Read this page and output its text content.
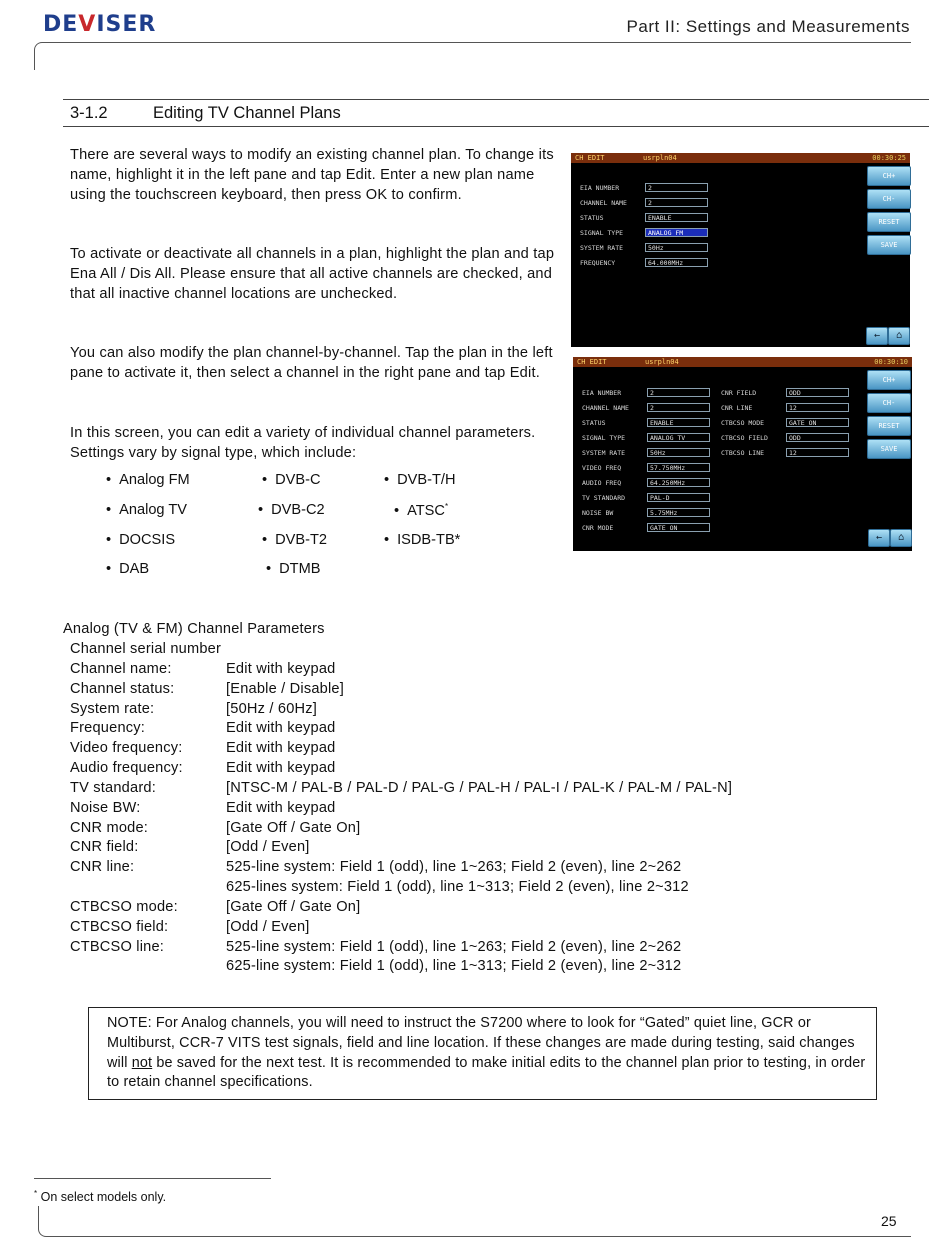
DEVISER	Part II: Settings and Measurements
3-1.2	Editing TV Channel Plans
There are several ways to modify an existing channel plan. To change its name, highlight it in the left pane and tap Edit. Enter a new plan name using the touchscreen keyboard, then press OK to confirm.
To activate or deactivate all channels in a plan, highlight the plan and tap Ena All / Dis All. Please ensure that all active channels are checked, and that all inactive channel locations are unchecked.
You can also modify the plan channel-by-channel. Tap the plan in the left pane to activate it, then select a channel in the right pane and tap Edit.
In this screen, you can edit a variety of individual channel parameters. Settings vary by signal type, which include:
• Analog FM
• Analog TV
• DOCSIS
• DAB
• DVB-C
• DVB-C2
• DVB-T2
• DTMB
• DVB-T/H
• ATSC*
• ISDB-TB*
CH EDIT	usrpln04	00:30:25
EIA NUMBER	2
CHANNEL NAME	2
STATUS	ENABLE
SIGNAL TYPE	ANALOG FM
SYSTEM RATE	50Hz
FREQUENCY	64.000MHz
CH+
CH-
RESET
SAVE
←	⌂
CH EDIT	usrpln04	00:30:10
EIA NUMBER	2
CHANNEL NAME	2
STATUS	ENABLE
SIGNAL TYPE	ANALOG TV
SYSTEM RATE	50Hz
VIDEO FREQ	57.750MHz
AUDIO FREQ	64.250MHz
TV STANDARD	PAL-D
NOISE BW	5.75MHz
CNR MODE	GATE ON
CNR FIELD	ODD
CNR LINE	12
CTBCSO MODE	GATE ON
CTBCSO FIELD	ODD
CTBCSO LINE	12
CH+
CH-
RESET
SAVE
←	⌂
Analog (TV & FM) Channel Parameters
Channel serial number
Channel name:	Edit with keypad
Channel status:	[Enable / Disable]
System rate:	[50Hz / 60Hz]
Frequency:	Edit with keypad
Video frequency:	Edit with keypad
Audio frequency:	Edit with keypad
TV standard:	[NTSC-M / PAL-B / PAL-D / PAL-G / PAL-H / PAL-I / PAL-K / PAL-M / PAL-N]
Noise BW:	Edit with keypad
CNR mode:	[Gate Off / Gate On]
CNR field:	[Odd / Even]
CNR line:	525-line system: Field 1 (odd), line 1~263; Field 2 (even), line 2~262
625-lines system: Field 1 (odd), line 1~313; Field 2 (even), line 2~312
CTBCSO mode:	[Gate Off / Gate On]
CTBCSO field:	[Odd / Even]
CTBCSO line:	525-line system: Field 1 (odd), line 1~263; Field 2 (even), line 2~262
625-line system: Field 1 (odd), line 1~313; Field 2 (even), line 2~312
NOTE: For Analog channels, you will need to instruct the S7200 where to look for “Gated” quiet line, GCR or Multiburst, CCR-7 VITS test signals, field and line location. If these changes are made during testing, said changes will not be saved for the next test. It is recommended to make initial edits to the channel plan prior to testing, in order to retain channel specifications.
* On select models only.
25
